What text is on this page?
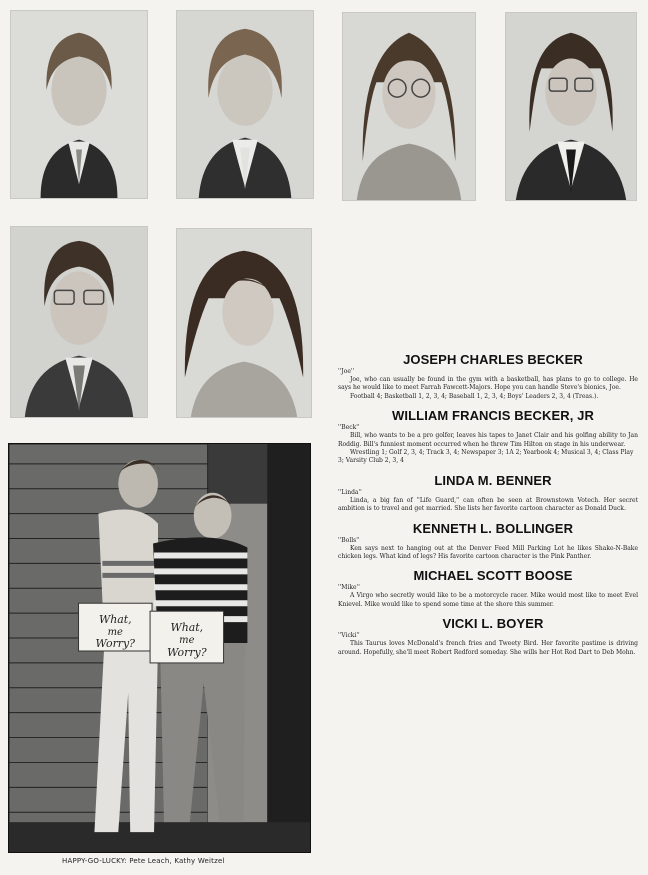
What,
me
Worry?
What,
me
Worry?
HAPPY-GO-LUCKY: Pete Leach, Kathy Weitzel
JOSEPH CHARLES BECKER
''Joe''
Joe, who can usually be found in the gym with a basketball, has plans to go to college. He says he would like to meet Farrah Fawcett-Majors. Hope you can handle Steve's bionics, Joe.
Football 4; Basketball 1, 2, 3, 4; Baseball 1, 2, 3, 4; Boys' Leaders 2, 3, 4 (Treas.).
WILLIAM FRANCIS BECKER, JR
''Beck''
Bill, who wants to be a pro golfer, leaves his tapes to Janet Clair and his golfing ability to Jan Roddig. Bill's funniest moment occurred when he threw Tim Hilton on stage in his underwear.
Wrestling 1; Golf 2, 3, 4; Track 3, 4; Newspaper 3; 1A 2; Yearbook 4; Musical 3, 4; Class Play 3; Varsity Club 2, 3, 4
LINDA M. BENNER
''Linda''
Linda, a big fan of ''Life Guard,'' can often be seen at Brownstown Votech. Her secret ambition is to travel and get married. She lists her favorite cartoon character as Donald Duck.
KENNETH L. BOLLINGER
''Bolls''
Ken says next to hanging out at the Denver Feed Mill Parking Lot he likes Shake-N-Bake chicken legs. What kind of legs? His favorite cartoon character is the Pink Panther.
MICHAEL SCOTT BOOSE
''Mike''
A Virgo who secretly would like to be a motorcycle racer. Mike would most like to meet Evel Knievel. Mike would like to spend some time at the shore this summer.
VICKI L. BOYER
''Vicki''
This Taurus loves McDonald's french fries and Tweety Bird. Her favorite pastime is driving around. Hopefully, she'll meet Robert Redford someday. She wills her Hot Rod Dart to Deb Mohn.
